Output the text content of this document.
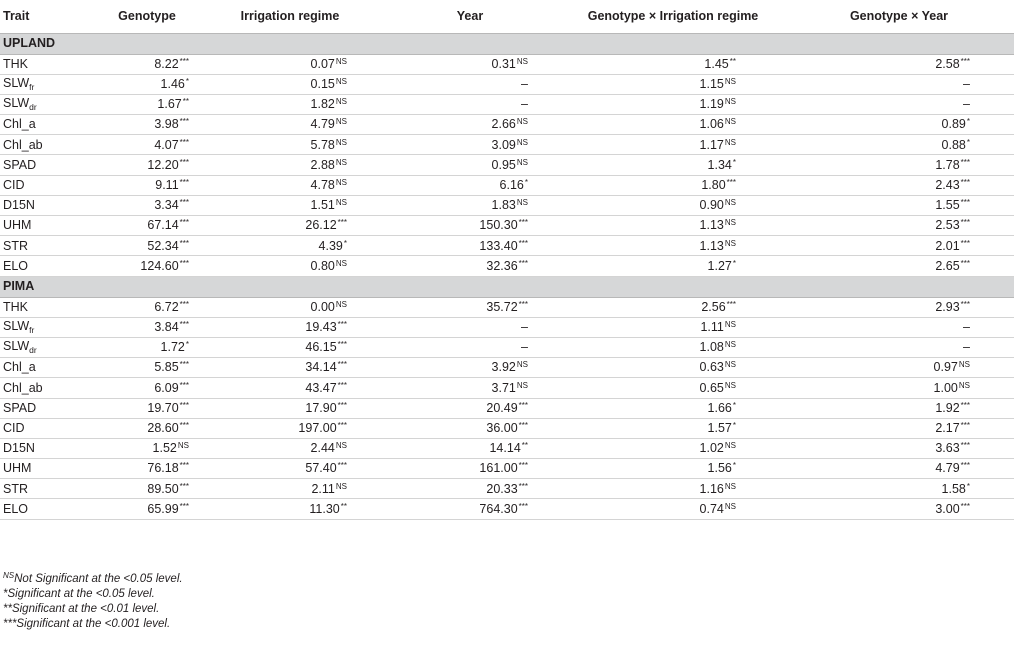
Trait	Genotype	Irrigation regime	Year	Genotype × Irrigation regime	Genotype × Year
UPLAND					
THK	8.22***	$0.07^{NS}$	$0.31^{NS}$	1.45**	2.58***
$SLW_{fr}$	1.46*	$0.15^{NS}$	–	$1.15^{NS}$	–
$SLW_{dr}$	1.67**	$1.82^{NS}$	–	$1.19^{NS}$	–
Chl_a	3.98***	$4.79^{NS}$	$2.66^{NS}$	$1.06^{NS}$	0.89*
Chl_ab	4.07***	$5.78^{NS}$	$3.09^{NS}$	$1.17^{NS}$	0.88*
SPAD	12.20***	$2.88^{NS}$	$0.95^{NS}$	1.34*	1.78***
CID	9.11***	$4.78^{NS}$	6.16*	1.80***	2.43***
D15N	3.34***	$1.51^{NS}$	$1.83^{NS}$	$0.90^{NS}$	1.55***
UHM	67.14***	26.12***	150.30***	$1.13^{NS}$	2.53***
STR	52.34***	4.39*	133.40***	$1.13^{NS}$	2.01***
ELO	124.60***	$0.80^{NS}$	32.36***	1.27*	2.65***
PIMA					
THK	6.72***	$0.00^{NS}$	35.72***	2.56***	2.93***
$SLW_{fr}$	3.84***	19.43***	–	$1.11^{NS}$	–
$SLW_{dr}$	1.72*	46.15***	–	$1.08^{NS}$	–
Chl_a	5.85***	34.14***	$3.92^{NS}$	$0.63^{NS}$	$0.97^{NS}$
Chl_ab	6.09***	43.47***	$3.71^{NS}$	$0.65^{NS}$	$1.00^{NS}$
SPAD	19.70***	17.90***	20.49***	1.66*	1.92***
CID	28.60***	197.00***	36.00***	1.57*	2.17***
D15N	$1.52^{NS}$	$2.44^{NS}$	14.14**	$1.02^{NS}$	3.63***
UHM	76.18***	57.40***	161.00***	1.56*	4.79***
STR	89.50***	$2.11^{NS}$	20.33***	$1.16^{NS}$	1.58*
ELO	65.99***	11.30**	764.30***	$0.74^{NS}$	3.00***
$^{NS}$Not Significant at the <0.05 level.
*Significant at the <0.05 level.
**Significant at the <0.01 level.
***Significant at the <0.001 level.
